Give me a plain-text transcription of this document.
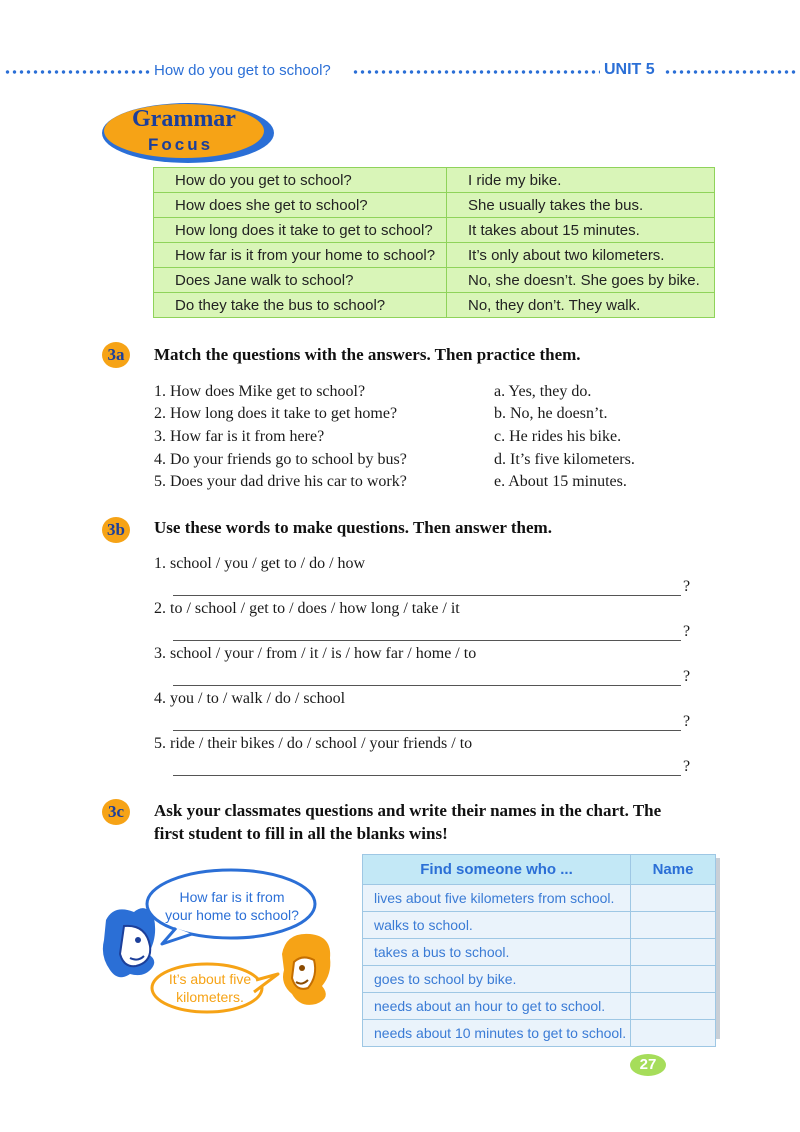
How do you get to school?	UNIT 5
Grammar
Focus
How do you get to school?	I ride my bike.
How does she get to school?	She usually takes the bus.
How long does it take to get to school?	It takes about 15 minutes.
How far is it from your home to school?	It’s only about two kilometers.
Does Jane walk to school?	No, she doesn’t. She goes by bike.
Do they take the bus to school?	No, they don’t. They walk.
3a	Match the questions with the answers. Then practice them.
1. How does Mike get to school?
2. How long does it take to get home?
3. How far is it from here?
4. Do your friends go to school by bus?
5. Does your dad drive his car to work?
a. Yes, they do.
b. No, he doesn’t.
c. He rides his bike.
d. It’s five kilometers.
e. About 15 minutes.
3b Use these words to make questions. Then answer them.
1. school / you / get to / do / how
?
2. to / school / get to / does / how long / take / it
?
3. school / your / from / it / is / how far / home / to
?
4. you / to / walk / do / school
?
5. ride / their bikes / do / school / your friends / to
?
3c	Ask your classmates questions and write their names in the chart. The
first student to fill in all the blanks wins!
How far is it from
your home to school?
It’s about five
kilometers.
Find someone who ...	Name
lives about five kilometers from school.	
walks to school.	
takes a bus to school.	
goes to school by bike.	
needs about an hour to get to school.	
needs about 10 minutes to get to school.	
27
